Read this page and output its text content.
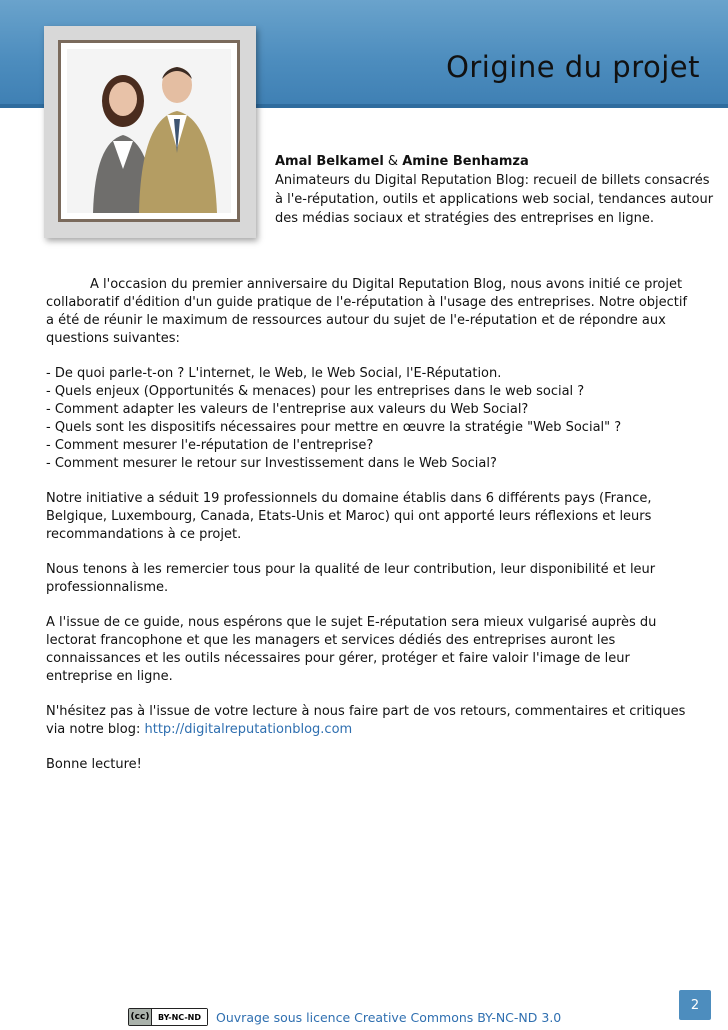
Origine du projet
Amal Belkamel & Amine Benhamza
Animateurs du Digital Reputation Blog: recueil de billets consacrés à l'e-réputation, outils et applications web social, tendances autour des médias sociaux et stratégies des entreprises en ligne.

A l'occasion du premier anniversaire du Digital Reputation Blog, nous avons initié ce projet collaboratif d'édition d'un guide pratique de l'e-réputation à l'usage des entreprises. Notre objectif a été de réunir le maximum de ressources autour du sujet de l'e-réputation et de répondre aux questions suivantes:

- De quoi parle-t-on ? L'internet, le Web, le Web Social, l'E-Réputation.
- Quels enjeux (Opportunités & menaces) pour les entreprises dans le web social ?
- Comment adapter les valeurs de l'entreprise aux valeurs du Web Social?
- Quels sont les dispositifs nécessaires pour mettre en œuvre la stratégie "Web Social" ?
- Comment mesurer l'e-réputation de l'entreprise?
- Comment mesurer le retour sur Investissement dans le Web Social?

Notre initiative a séduit 19 professionnels du domaine établis dans 6 différents pays (France, Belgique, Luxembourg, Canada, Etats-Unis et Maroc) qui ont apporté leurs réflexions et leurs recommandations à ce projet.

Nous tenons à les remercier tous pour la qualité de leur contribution, leur disponibilité et leur professionnalisme.

A l'issue de ce guide, nous espérons que le sujet E-réputation sera mieux vulgarisé auprès du lectorat francophone et que les managers et services dédiés des entreprises auront les connaissances et les outils nécessaires pour gérer, protéger et faire valoir l'image de leur entreprise en ligne.

N'hésitez pas à l'issue de votre lecture à nous faire part de vos retours, commentaires et critiques via notre blog: http://digitalreputationblog.com

Bonne lecture!

(cc)	BY-NC-ND	Ouvrage sous licence Creative Commons BY-NC-ND 3.0
2
